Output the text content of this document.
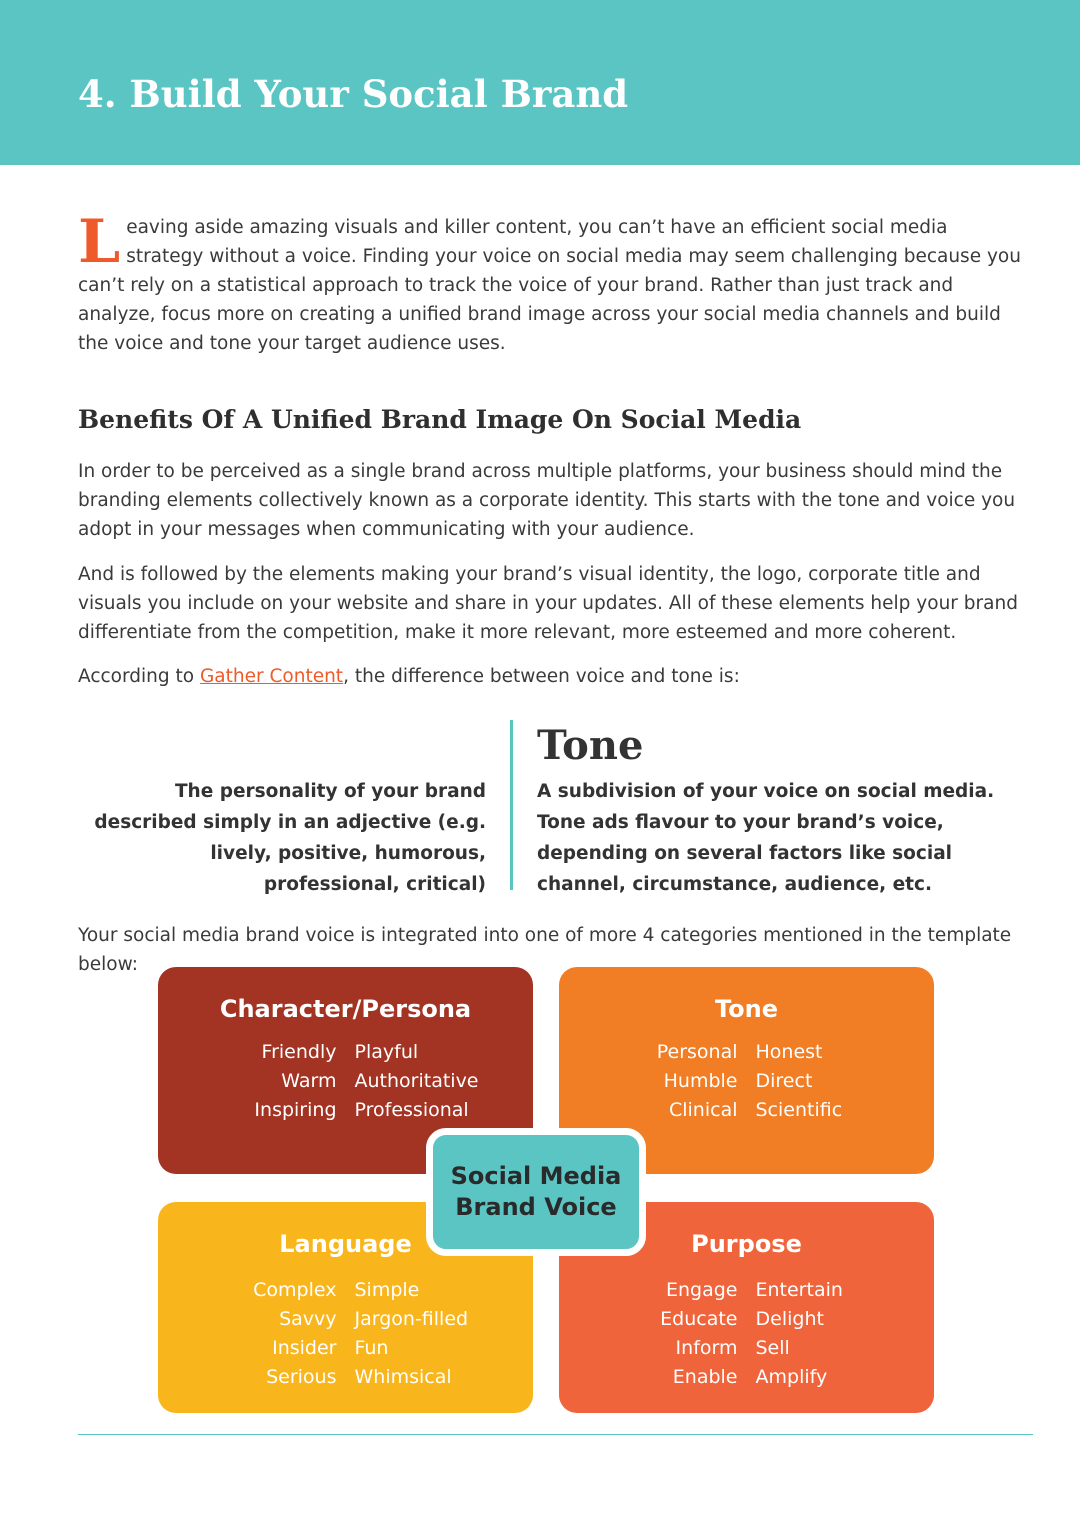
4. Build Your Social Brand

Leaving aside amazing visuals and killer content, you can’t have an efficient social media strategy without a voice. Finding your voice on social media may seem challenging because you can’t rely on a statistical approach to track the voice of your brand. Rather than just track and analyze, focus more on creating a unified brand image across your social media channels and build the voice and tone your target audience uses.

Benefits Of A Unified Brand Image On Social Media

In order to be perceived as a single brand across multiple platforms, your business should mind the branding elements collectively known as a corporate identity. This starts with the tone and voice you adopt in your messages when communicating with your audience.

And is followed by the elements making your brand’s visual identity, the logo, corporate title and visuals you include on your website and share in your updates. All of these elements help your brand differentiate from the competition, make it more relevant, more esteemed and more coherent.

According to Gather Content, the difference between voice and tone is:

The personality of your brand described simply in an adjective (e.g. lively, positive, humorous, professional, critical)

Tone

A subdivision of your voice on social media. Tone ads flavour to your brand’s voice, depending on several factors like social channel, circumstance, audience, etc.

Your social media brand voice is integrated into one of more 4 categories mentioned in the template below:

Character/Persona
Friendly Playful
Warm Authoritative
Inspiring Professional
Tone
Personal Honest
Humble Direct
Clinical Scientific
Language
Complex Simple
Savvy Jargon-filled
Insider Fun
Serious Whimsical
Purpose
Engage Entertain
Educate Delight
Inform Sell
Enable Amplify
Social Media
Brand Voice
